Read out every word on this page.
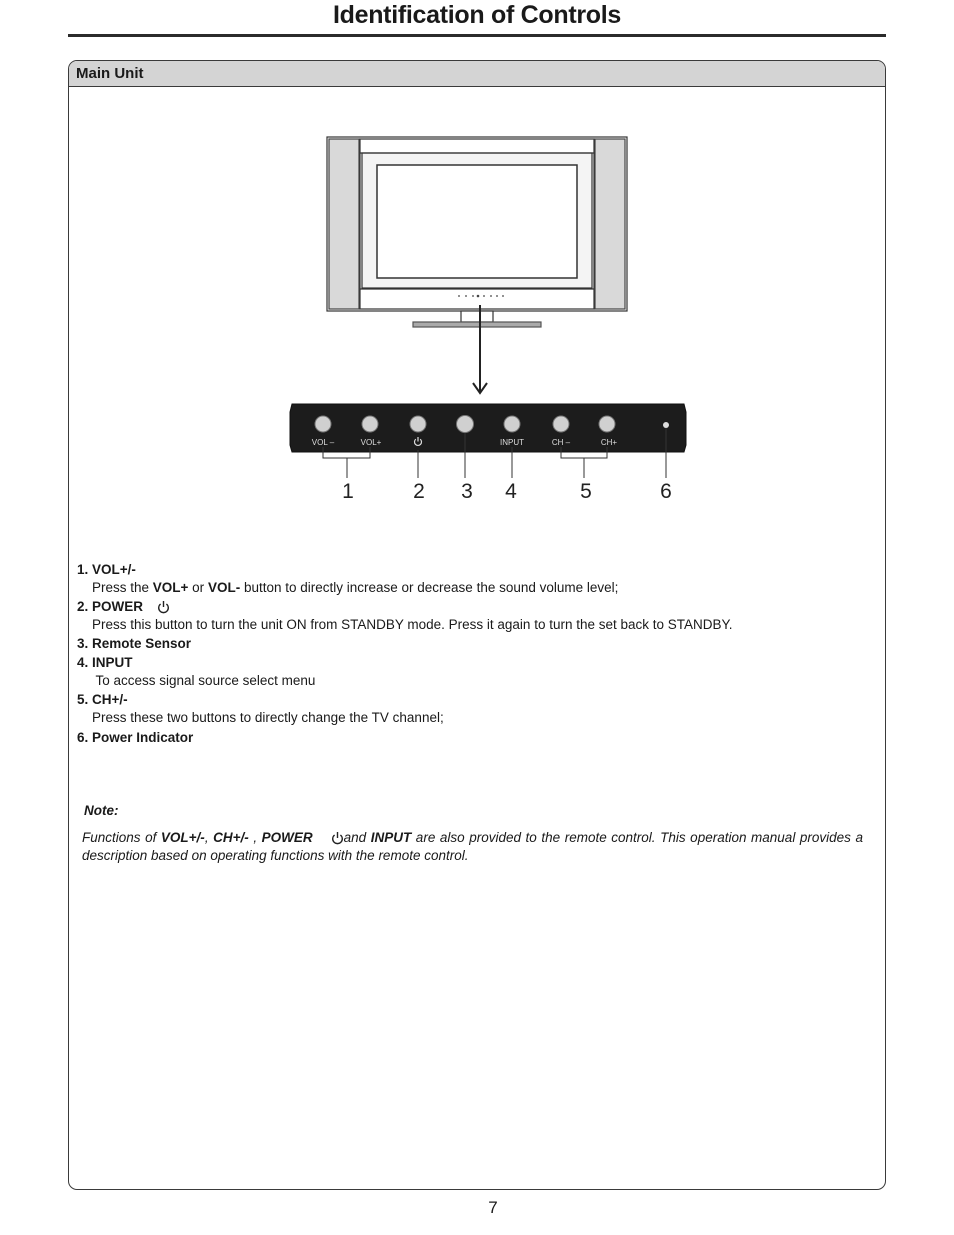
Identification of Controls
Main Unit
VOL –	VOL+	INPUT	CH –	CH+
1	2	3	4	5	6
1. VOL+/-
Press the VOL+ or VOL- button to directly increase or decrease the sound volume level;
2. POWER
Press this button to turn the unit ON from STANDBY mode. Press it again to turn the set back to STANDBY.
3. Remote Sensor
4. INPUT
To access signal source select menu
5. CH+/-
Press these two buttons to directly change the TV channel;
6. Power Indicator
Note:
Functions of VOL+/-, CH+/- , POWER and INPUT are also provided to the remote control. This operation manual provides a description based on operating functions with the remote control.
7
